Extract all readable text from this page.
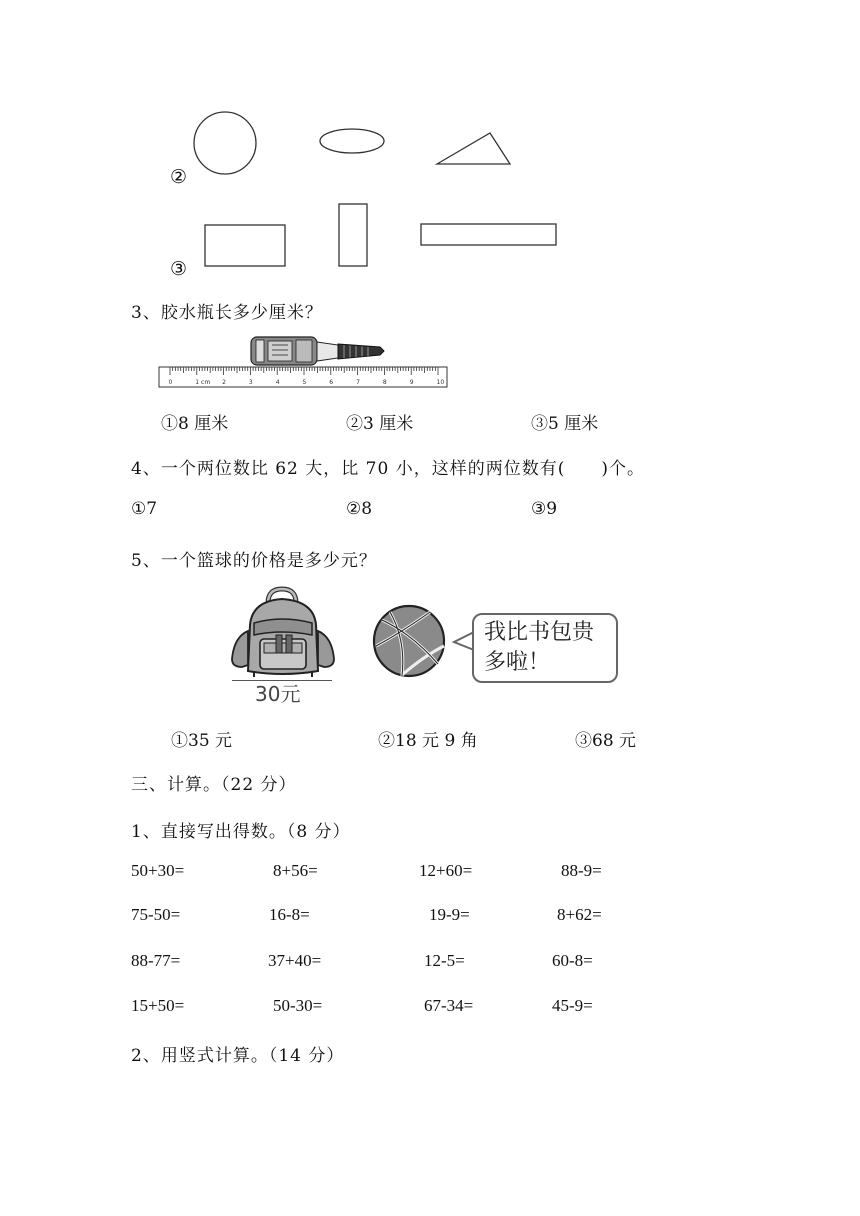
②
③
3、胶水瓶长多少厘米？
0	1 cm 2	3	4	5	6	7	8	9	10
①8 厘米	②3 厘米	③5 厘米
4、一个两位数比 62 大，比 70 小，这样的两位数有(　　)个。
①7	②8	③9
5、一个篮球的价格是多少元？
30元
我比书包贵
多啦！
①35 元	②18 元 9 角	③68 元
三、计算。（22 分）
1、直接写出得数。（8 分）
50+30=	8+56=	12+60=	88-9=
75-50=	16-8=	19-9=	8+62=
88-77=	37+40=	12-5=	60-8=
15+50=	50-30=	67-34=	45-9=
2、用竖式计算。（14 分）
